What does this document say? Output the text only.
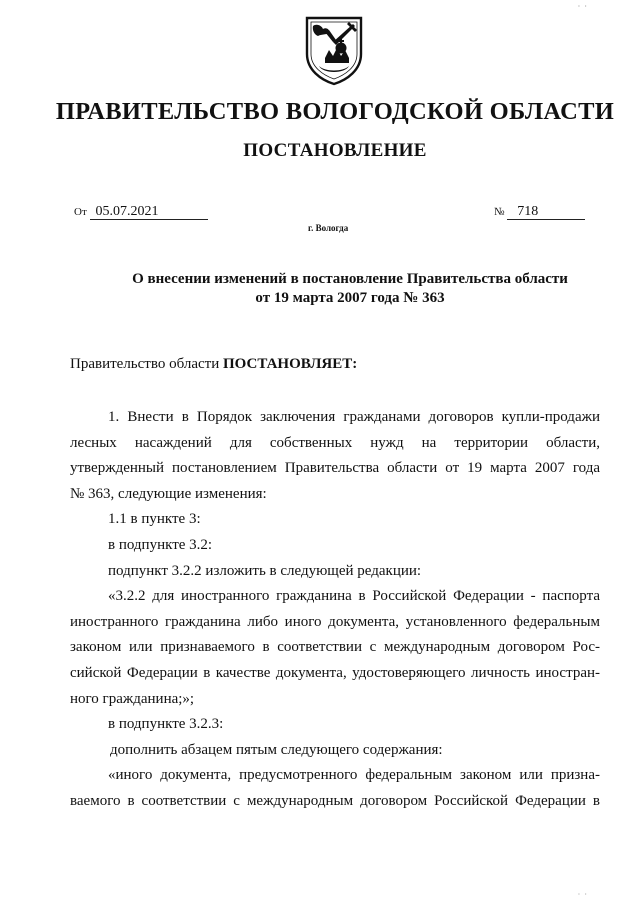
· ·
ПРАВИТЕЛЬСТВО ВОЛОГОДСКОЙ ОБЛАСТИ
ПОСТАНОВЛЕНИЕ
От 05.07.2021	№ 718
г. Вологда
О внесении изменений в постановление Правительства области
от 19 марта 2007 года № 363
Правительство области ПОСТАНОВЛЯЕТ:

1. Внести в Порядок заключения гражданами договоров купли-продажи

лесных насаждений для собственных нужд на территории области,

утвержденный постановлением Правительства области от 19 марта 2007 года

№ 363, следующие изменения:

1.1 в пункте 3:

в подпункте 3.2:

подпункт 3.2.2 изложить в следующей редакции:

«3.2.2 для иностранного гражданина в Российской Федерации - паспорта

иностранного гражданина либо иного документа, установленного федеральным

законом или признаваемого в соответствии с международным договором Рос-

сийской Федерации в качестве документа, удостоверяющего личность иностран-

ного гражданина;»;

в подпункте 3.2.3:

дополнить абзацем пятым следующего содержания:

«иного документа, предусмотренного федеральным законом или призна-

ваемого в соответствии с международным договором Российской Федерации в

· ·
